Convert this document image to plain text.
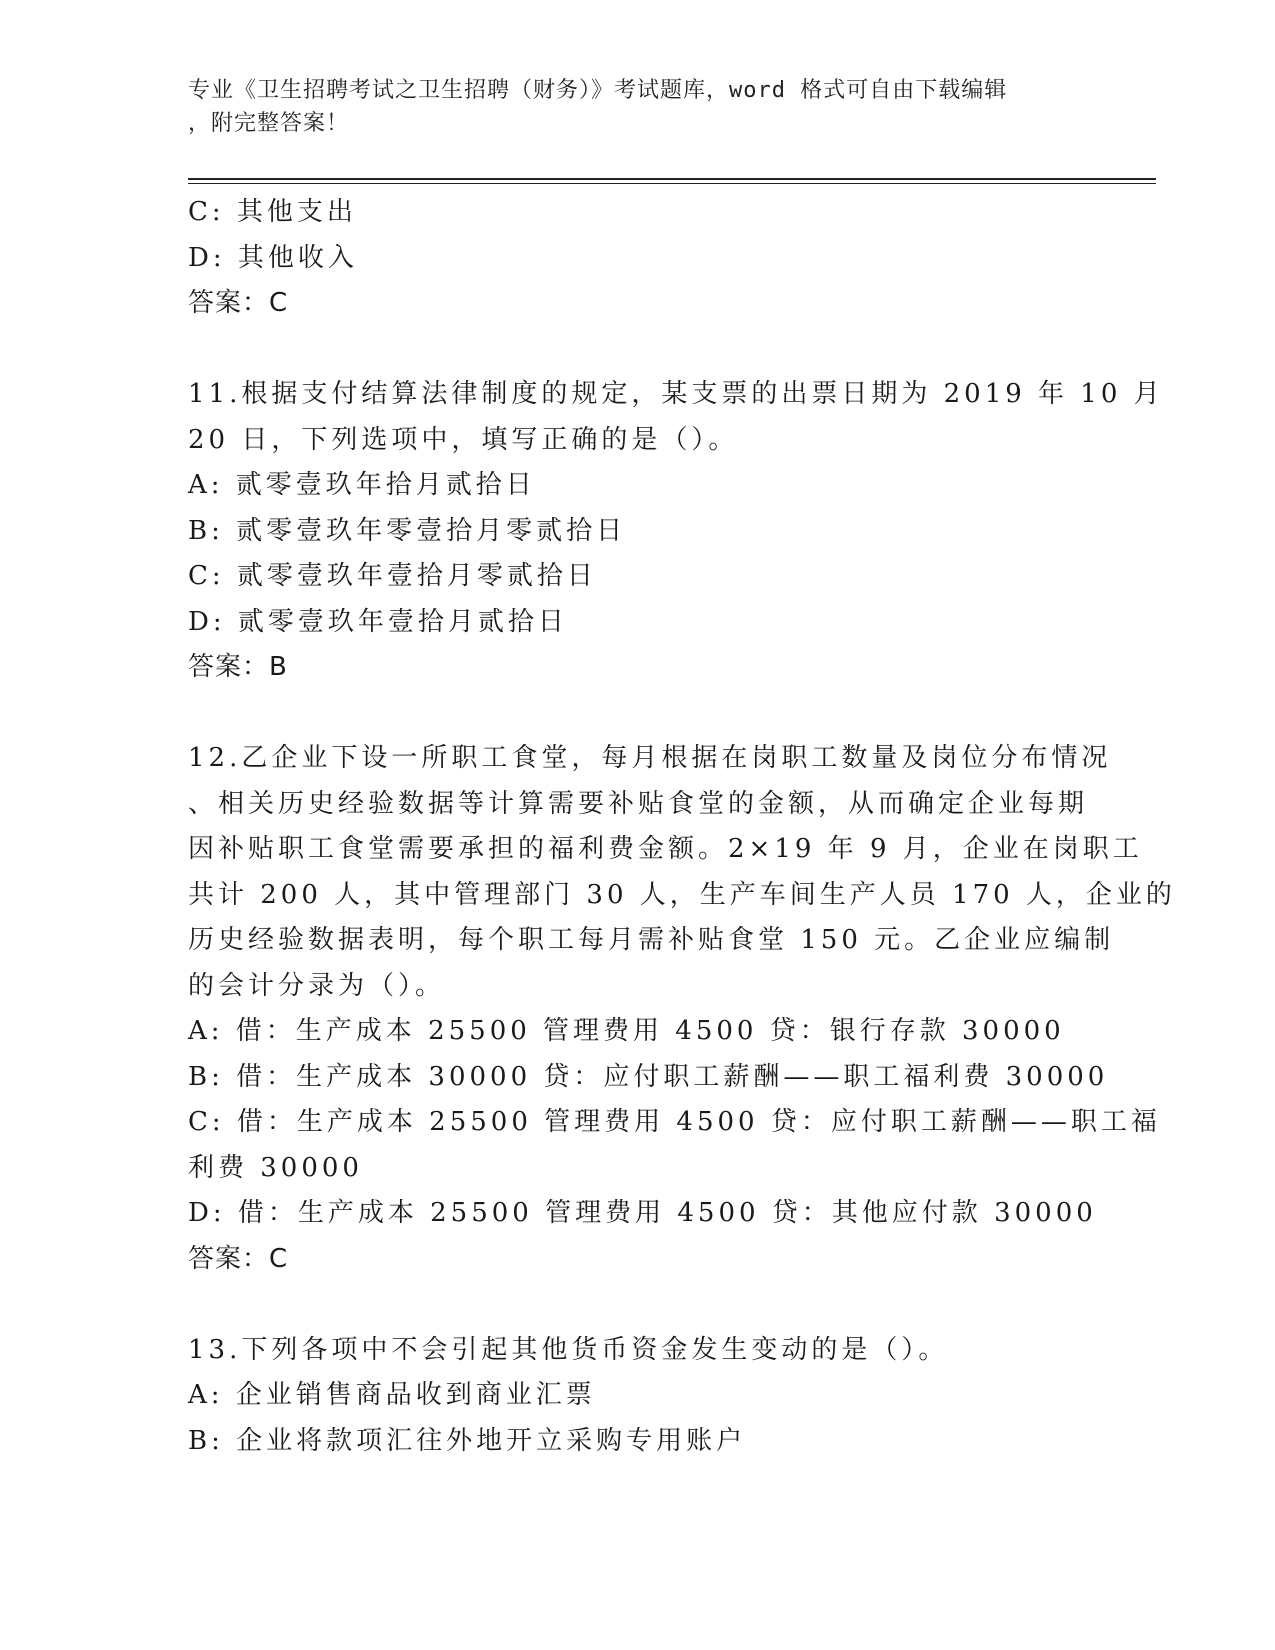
专业《卫生招聘考试之卫生招聘（财务）》考试题库，word 格式可自由下载编辑
，附完整答案！
C: 其他支出
D: 其他收入
答案：C
11.根据支付结算法律制度的规定，某支票的出票日期为 2019 年 10 月
20 日，下列选项中，填写正确的是（）。
A: 贰零壹玖年拾月贰拾日
B: 贰零壹玖年零壹拾月零贰拾日
C: 贰零壹玖年壹拾月零贰拾日
D: 贰零壹玖年壹拾月贰拾日
答案：B
12.乙企业下设一所职工食堂，每月根据在岗职工数量及岗位分布情况
、相关历史经验数据等计算需要补贴食堂的金额，从而确定企业每期
因补贴职工食堂需要承担的福利费金额。2×19 年 9 月，企业在岗职工
共计 200 人，其中管理部门 30 人，生产车间生产人员 170 人，企业的
历史经验数据表明，每个职工每月需补贴食堂 150 元。乙企业应编制
的会计分录为（）。
A: 借：生产成本 25500 管理费用 4500 贷：银行存款 30000
B: 借：生产成本 30000 贷：应付职工薪酬——职工福利费 30000
C: 借：生产成本 25500 管理费用 4500 贷：应付职工薪酬——职工福
利费 30000
D: 借：生产成本 25500 管理费用 4500 贷：其他应付款 30000
答案：C
13.下列各项中不会引起其他货币资金发生变动的是（）。
A: 企业销售商品收到商业汇票
B: 企业将款项汇往外地开立采购专用账户
